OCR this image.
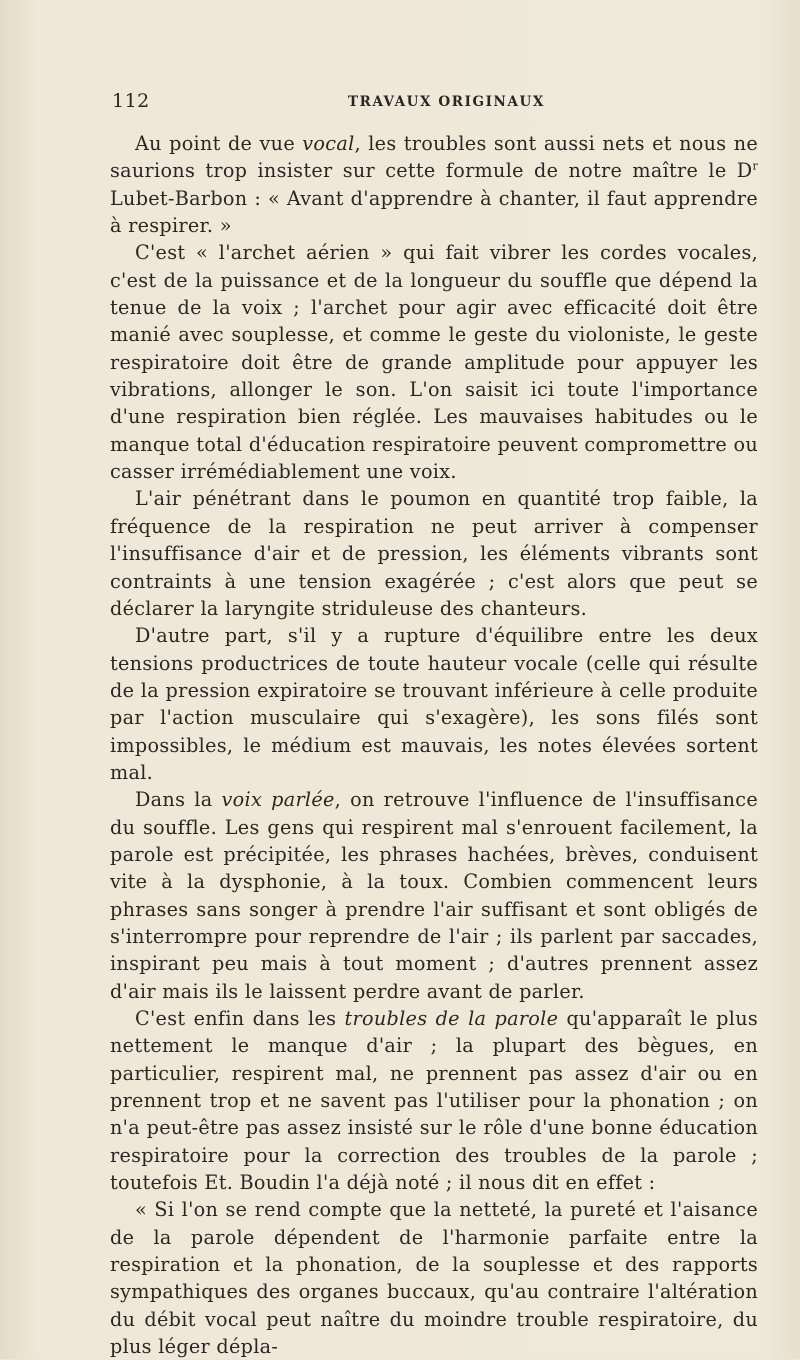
112	TRAVAUX ORIGINAUX

Au point de vue vocal, les troubles sont aussi nets et nous ne saurions trop insister sur cette formule de notre maître le $D^r$ Lubet-Barbon : « Avant d'apprendre à chanter, il faut apprendre à respirer. »

C'est « l'archet aérien » qui fait vibrer les cordes vocales, c'est de la puissance et de la longueur du souffle que dépend la tenue de la voix ; l'archet pour agir avec efficacité doit être manié avec souplesse, et comme le geste du violoniste, le geste respiratoire doit être de grande amplitude pour appuyer les vibrations, allonger le son. L'on saisit ici toute l'importance d'une respiration bien réglée. Les mauvaises habitudes ou le manque total d'éducation respiratoire peuvent compromettre ou casser irrémédiablement une voix.

L'air pénétrant dans le poumon en quantité trop faible, la fréquence de la respiration ne peut arriver à compenser l'insuffisance d'air et de pression, les éléments vibrants sont contraints à une tension exagérée ; c'est alors que peut se déclarer la laryngite striduleuse des chanteurs.

D'autre part, s'il y a rupture d'équilibre entre les deux tensions productrices de toute hauteur vocale (celle qui résulte de la pression expiratoire se trouvant inférieure à celle produite par l'action musculaire qui s'exagère), les sons filés sont impossibles, le médium est mauvais, les notes élevées sortent mal.

Dans la voix parlée, on retrouve l'influence de l'insuffisance du souffle. Les gens qui respirent mal s'enrouent facilement, la parole est précipitée, les phrases hachées, brèves, conduisent vite à la dysphonie, à la toux. Combien commencent leurs phrases sans songer à prendre l'air suffisant et sont obligés de s'interrompre pour reprendre de l'air ; ils parlent par saccades, inspirant peu mais à tout moment ; d'autres prennent assez d'air mais ils le laissent perdre avant de parler.

C'est enfin dans les troubles de la parole qu'apparaît le plus nettement le manque d'air ; la plupart des bègues, en particulier, respirent mal, ne prennent pas assez d'air ou en prennent trop et ne savent pas l'utiliser pour la phonation ; on n'a peut-être pas assez insisté sur le rôle d'une bonne éducation respiratoire pour la correction des troubles de la parole ; toutefois Et. Boudin l'a déjà noté ; il nous dit en effet :

« Si l'on se rend compte que la netteté, la pureté et l'aisance de la parole dépendent de l'harmonie parfaite entre la respiration et la phonation, de la souplesse et des rapports sympathiques des organes buccaux, qu'au contraire l'altération du débit vocal peut naître du moindre trouble respiratoire, du plus léger dépla-
